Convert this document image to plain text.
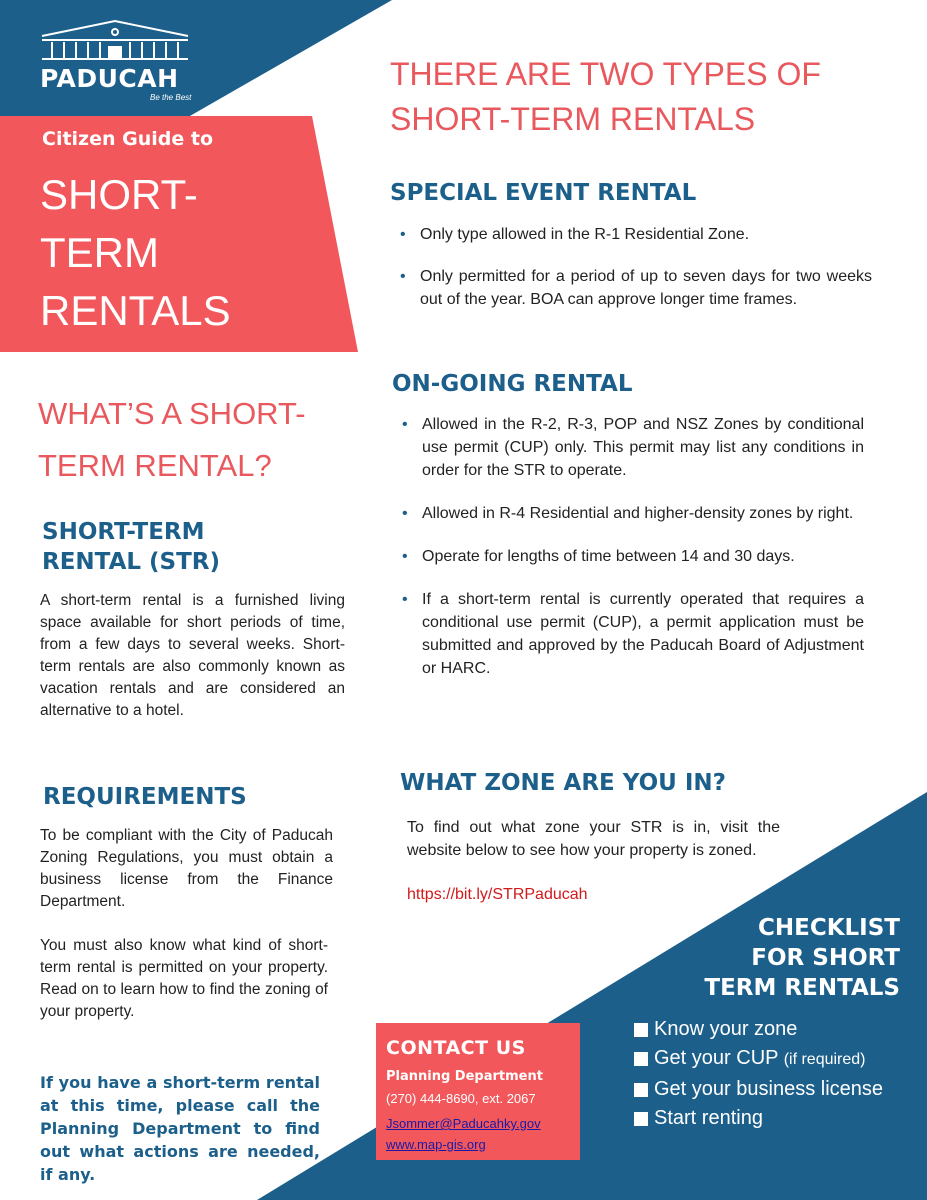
PADUCAH
Be the Best
Citizen Guide to
SHORT-
TERM
RENTALS
WHAT’S A SHORT-TERM RENTAL?
SHORT-TERM RENTAL (STR)
A short-term rental is a furnished living space available for short periods of time, from a few days to several weeks. Short-term rentals are also commonly known as vacation rentals and are considered an alternative to a hotel.
REQUIREMENTS
To be compliant with the City of Paducah Zoning Regulations, you must obtain a business license from the Finance Department.
You must also know what kind of short-term rental is permitted on your property. Read on to learn how to find the zoning of your property.
If you have a short-term rental at this time, please call the Planning Department to find out what actions are needed, if any.
THERE ARE TWO TYPES OF SHORT-TERM RENTALS
SPECIAL EVENT RENTAL
• Only type allowed in the R-1 Residential Zone.
• Only permitted for a period of up to seven days for two weeks out of the year. BOA can approve longer time frames.
ON-GOING RENTAL
• Allowed in the R-2, R-3, POP and NSZ Zones by conditional use permit (CUP) only. This permit may list any conditions in order for the STR to operate.
• Allowed in R-4 Residential and higher-density zones by right.
• Operate for lengths of time between 14 and 30 days.
• If a short-term rental is currently operated that requires a conditional use permit (CUP), a permit application must be submitted and approved by the Paducah Board of Adjustment or HARC.
WHAT ZONE ARE YOU IN?
To find out what zone your STR is in, visit the website below to see how your property is zoned.
https://bit.ly/STRPaducah
CONTACT US
Planning Department
(270) 444-8690, ext. 2067
Jsommer@Paducahky.gov
www.map-gis.org
CHECKLIST
FOR SHORT
TERM RENTALS
Know your zone
Get your CUP (if required)
Get your business license
Start renting
